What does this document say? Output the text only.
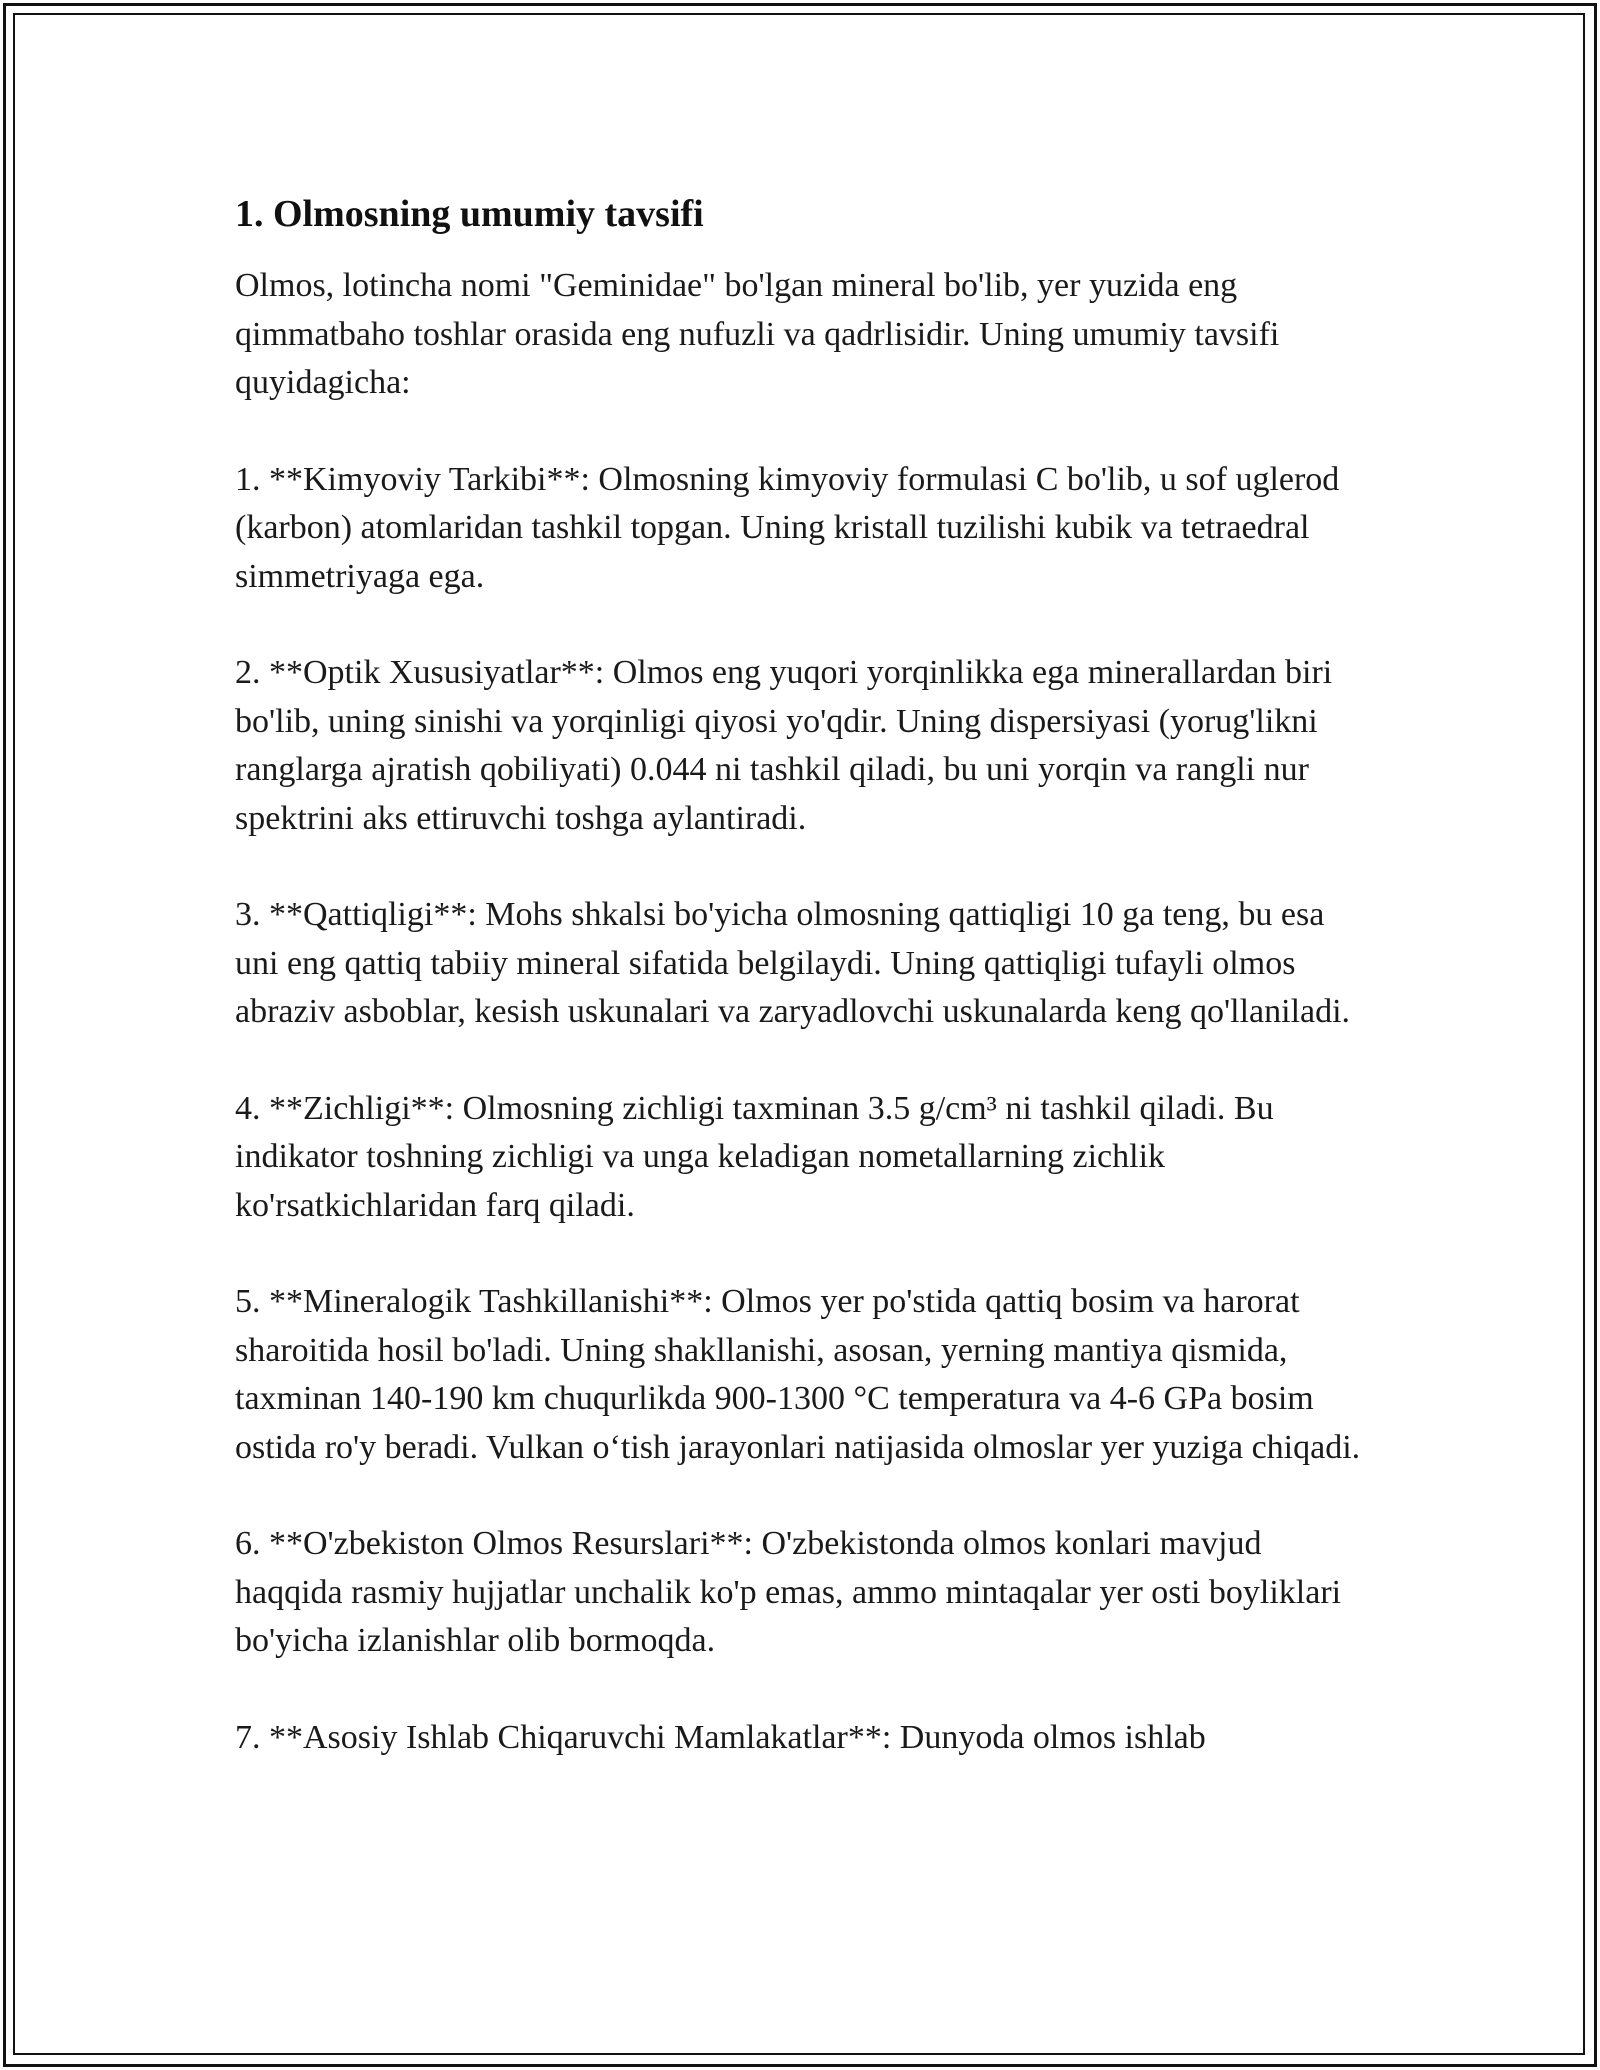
1. Olmosning umumiy tavsifi

Olmos, lotincha nomi "Geminidae" bo'lgan mineral bo'lib, yer yuzida eng qimmatbaho toshlar orasida eng nufuzli va qadrlisidir. Uning umumiy tavsifi quyidagicha:

1. **Kimyoviy Tarkibi**: Olmosning kimyoviy formulasi C bo'lib, u sof uglerod (karbon) atomlaridan tashkil topgan. Uning kristall tuzilishi kubik va tetraedral simmetriyaga ega.

2. **Optik Xususiyatlar**: Olmos eng yuqori yorqinlikka ega minerallardan biri bo'lib, uning sinishi va yorqinligi qiyosi yo'qdir. Uning dispersiyasi (yorug'likni ranglarga ajratish qobiliyati) 0.044 ni tashkil qiladi, bu uni yorqin va rangli nur spektrini aks ettiruvchi toshga aylantiradi.

3. **Qattiqligi**: Mohs shkalsi bo'yicha olmosning qattiqligi 10 ga teng, bu esa uni eng qattiq tabiiy mineral sifatida belgilaydi. Uning qattiqligi tufayli olmos abraziv asboblar, kesish uskunalari va zaryadlovchi uskunalarda keng qo'llaniladi.

4. **Zichligi**: Olmosning zichligi taxminan 3.5 g/cm³ ni tashkil qiladi. Bu indikator toshning zichligi va unga keladigan nometallarning zichlik ko'rsatkichlaridan farq qiladi.

5. **Mineralogik Tashkillanishi**: Olmos yer po'stida qattiq bosim va harorat sharoitida hosil bo'ladi. Uning shakllanishi, asosan, yerning mantiya qismida, taxminan 140-190 km chuqurlikda 900-1300 °C temperatura va 4-6 GPa bosim ostida ro'y beradi. Vulkan o‘tish jarayonlari natijasida olmoslar yer yuziga chiqadi.

6. **O'zbekiston Olmos Resurslari**: O'zbekistonda olmos konlari mavjud haqqida rasmiy hujjatlar unchalik ko'p emas, ammo mintaqalar yer osti boyliklari bo'yicha izlanishlar olib bormoqda.

7. **Asosiy Ishlab Chiqaruvchi Mamlakatlar**: Dunyoda olmos ishlab
